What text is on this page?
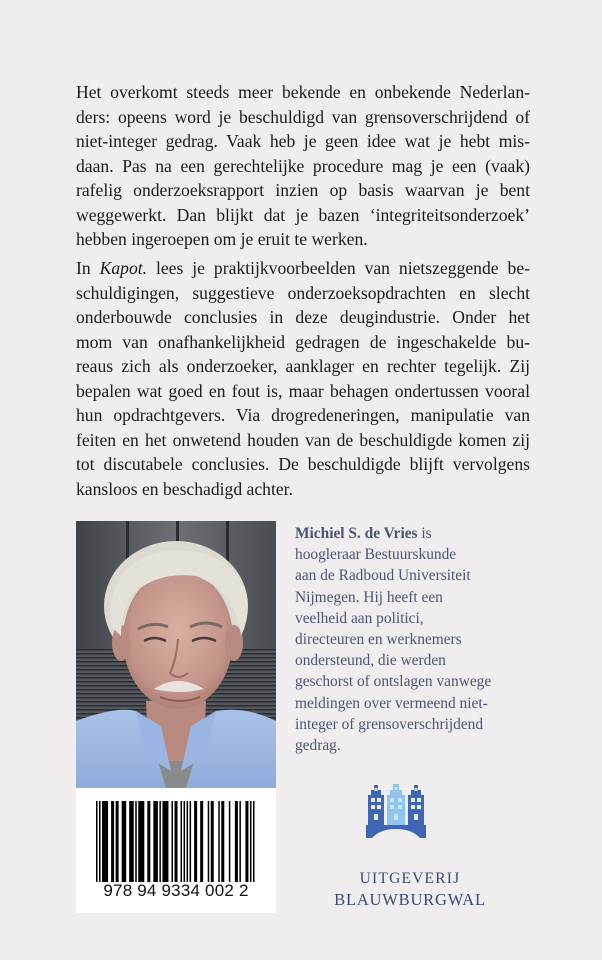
Het overkomt steeds meer bekende en onbekende Nederlan-
ders: opeens word je beschuldigd van grensoverschrijdend of
niet-integer gedrag. Vaak heb je geen idee wat je hebt mis-
daan. Pas na een gerechtelijke procedure mag je een (vaak)
rafelig onderzoeksrapport inzien op basis waarvan je bent
weggewerkt. Dan blijkt dat je bazen ‘integriteitsonderzoek’
hebben ingeroepen om je eruit te werken.
In Kapot. lees je praktijkvoorbeelden van nietszeggende be-
schuldigingen, suggestieve onderzoeksopdrachten en slecht
onderbouwde conclusies in deze deugindustrie. Onder het
mom van onafhankelijkheid gedragen de ingeschakelde bu-
reaus zich als onderzoeker, aanklager en rechter tegelijk. Zij
bepalen wat goed en fout is, maar behagen ondertussen vooral
hun opdrachtgevers. Via drogredeneringen, manipulatie van
feiten en het onwetend houden van de beschuldigde komen zij
tot discutabele conclusies. De beschuldigde blijft vervolgens
kansloos en beschadigd achter.
978 94 9334 002 2
Michiel S. de Vries is
hoogleraar Bestuurskunde
aan de Radboud Universiteit
Nijmegen. Hij heeft een
veelheid aan politici,
directeuren en werknemers
ondersteund, die werden
geschorst of ontslagen vanwege
meldingen over vermeend niet-
integer of grensoverschrijdend
gedrag.
UITGEVERIJ
BLAUWBURGWAL
